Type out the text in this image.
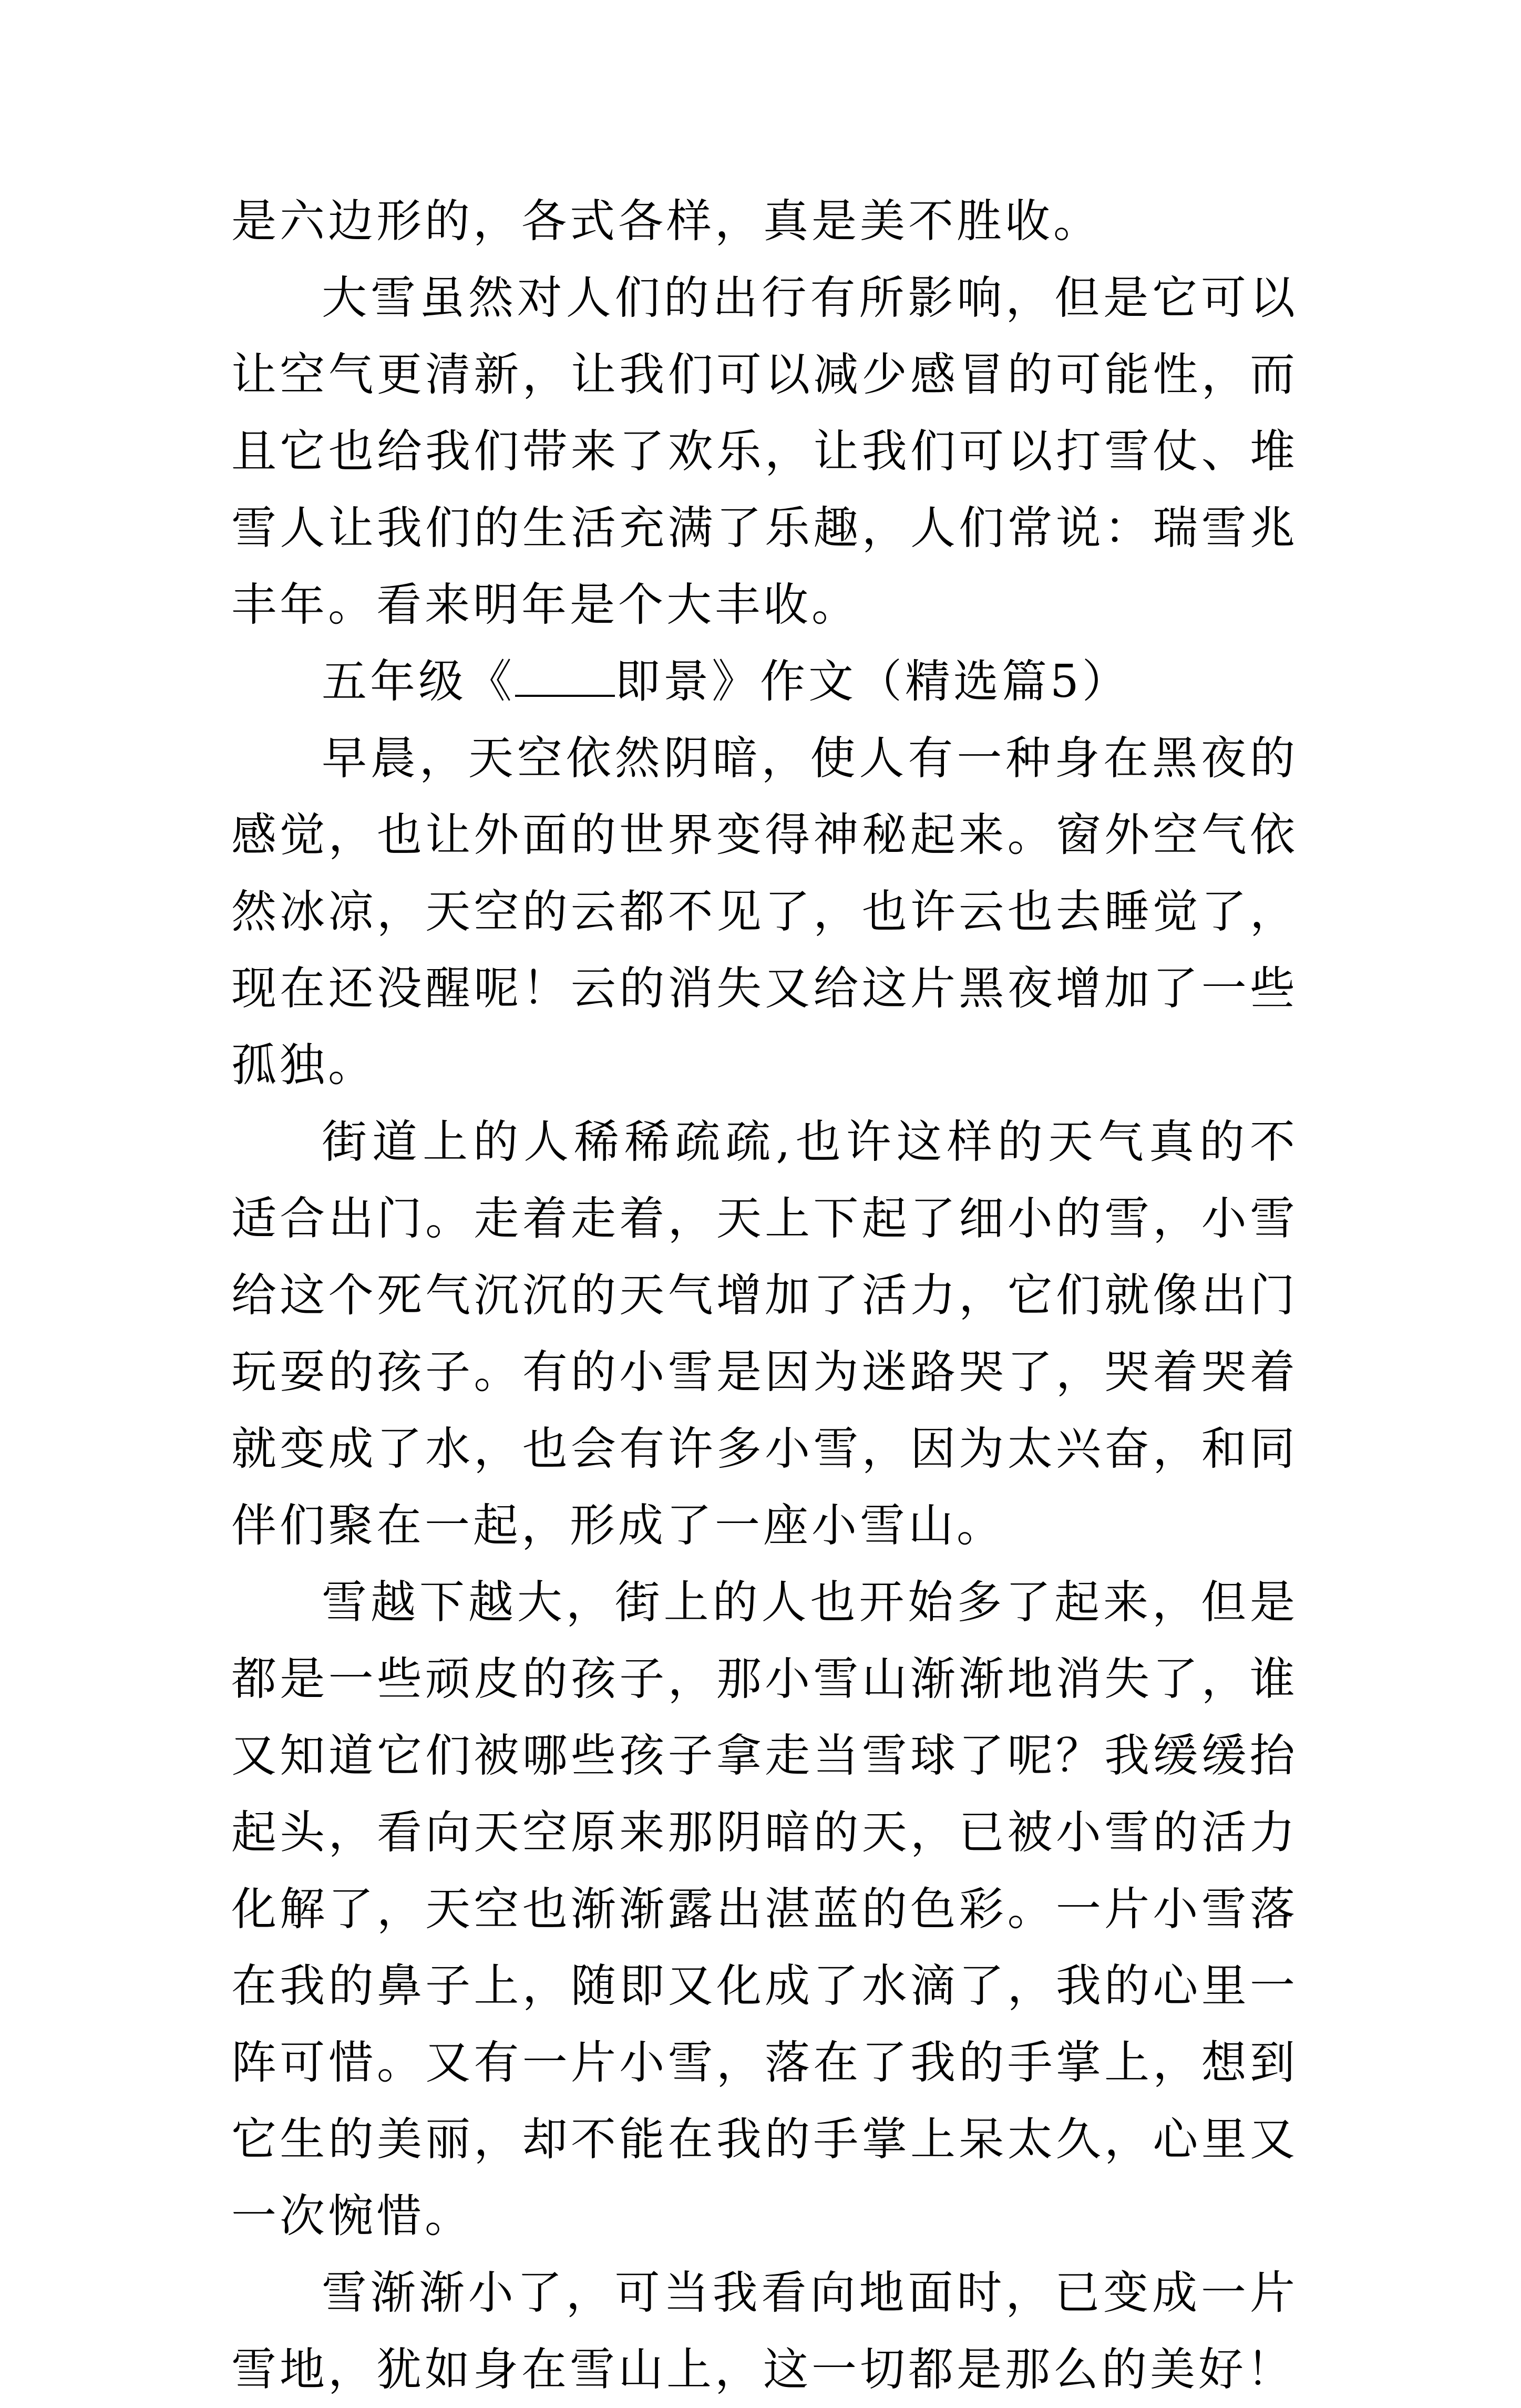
是六边形的，各式各样，真是美不胜收。

大雪虽然对人们的出行有所影响，但是它可以让空气更清新，让我们可以减少感冒的可能性，而且它也给我们带来了欢乐，让我们可以打雪仗、堆雪人让我们的生活充满了乐趣，人们常说：瑞雪兆丰年。看来明年是个大丰收。

五年级《 即景》作文（精选篇5）

早晨，天空依然阴暗，使人有一种身在黑夜的感觉，也让外面的世界变得神秘起来。窗外空气依然冰凉，天空的云都不见了，也许云也去睡觉了，现在还没醒呢！云的消失又给这片黑夜增加了一些孤独。

街道上的人稀稀疏疏,也许这样的天气真的不适合出门。走着走着，天上下起了细小的雪，小雪给这个死气沉沉的天气增加了活力，它们就像出门玩耍的孩子。有的小雪是因为迷路哭了，哭着哭着就变成了水，也会有许多小雪，因为太兴奋，和同伴们聚在一起，形成了一座小雪山。

雪越下越大，街上的人也开始多了起来，但是都是一些顽皮的孩子，那小雪山渐渐地消失了，谁又知道它们被哪些孩子拿走当雪球了呢？我缓缓抬起头，看向天空原来那阴暗的天，已被小雪的活力化解了，天空也渐渐露出湛蓝的色彩。一片小雪落在我的鼻子上，随即又化成了水滴了，我的心里一阵可惜。又有一片小雪，落在了我的手掌上，想到它生的美丽，却不能在我的手掌上呆太久，心里又一次惋惜。

雪渐渐小了，可当我看向地面时，已变成一片雪地，犹如身在雪山上，这一切都是那么的美好！
